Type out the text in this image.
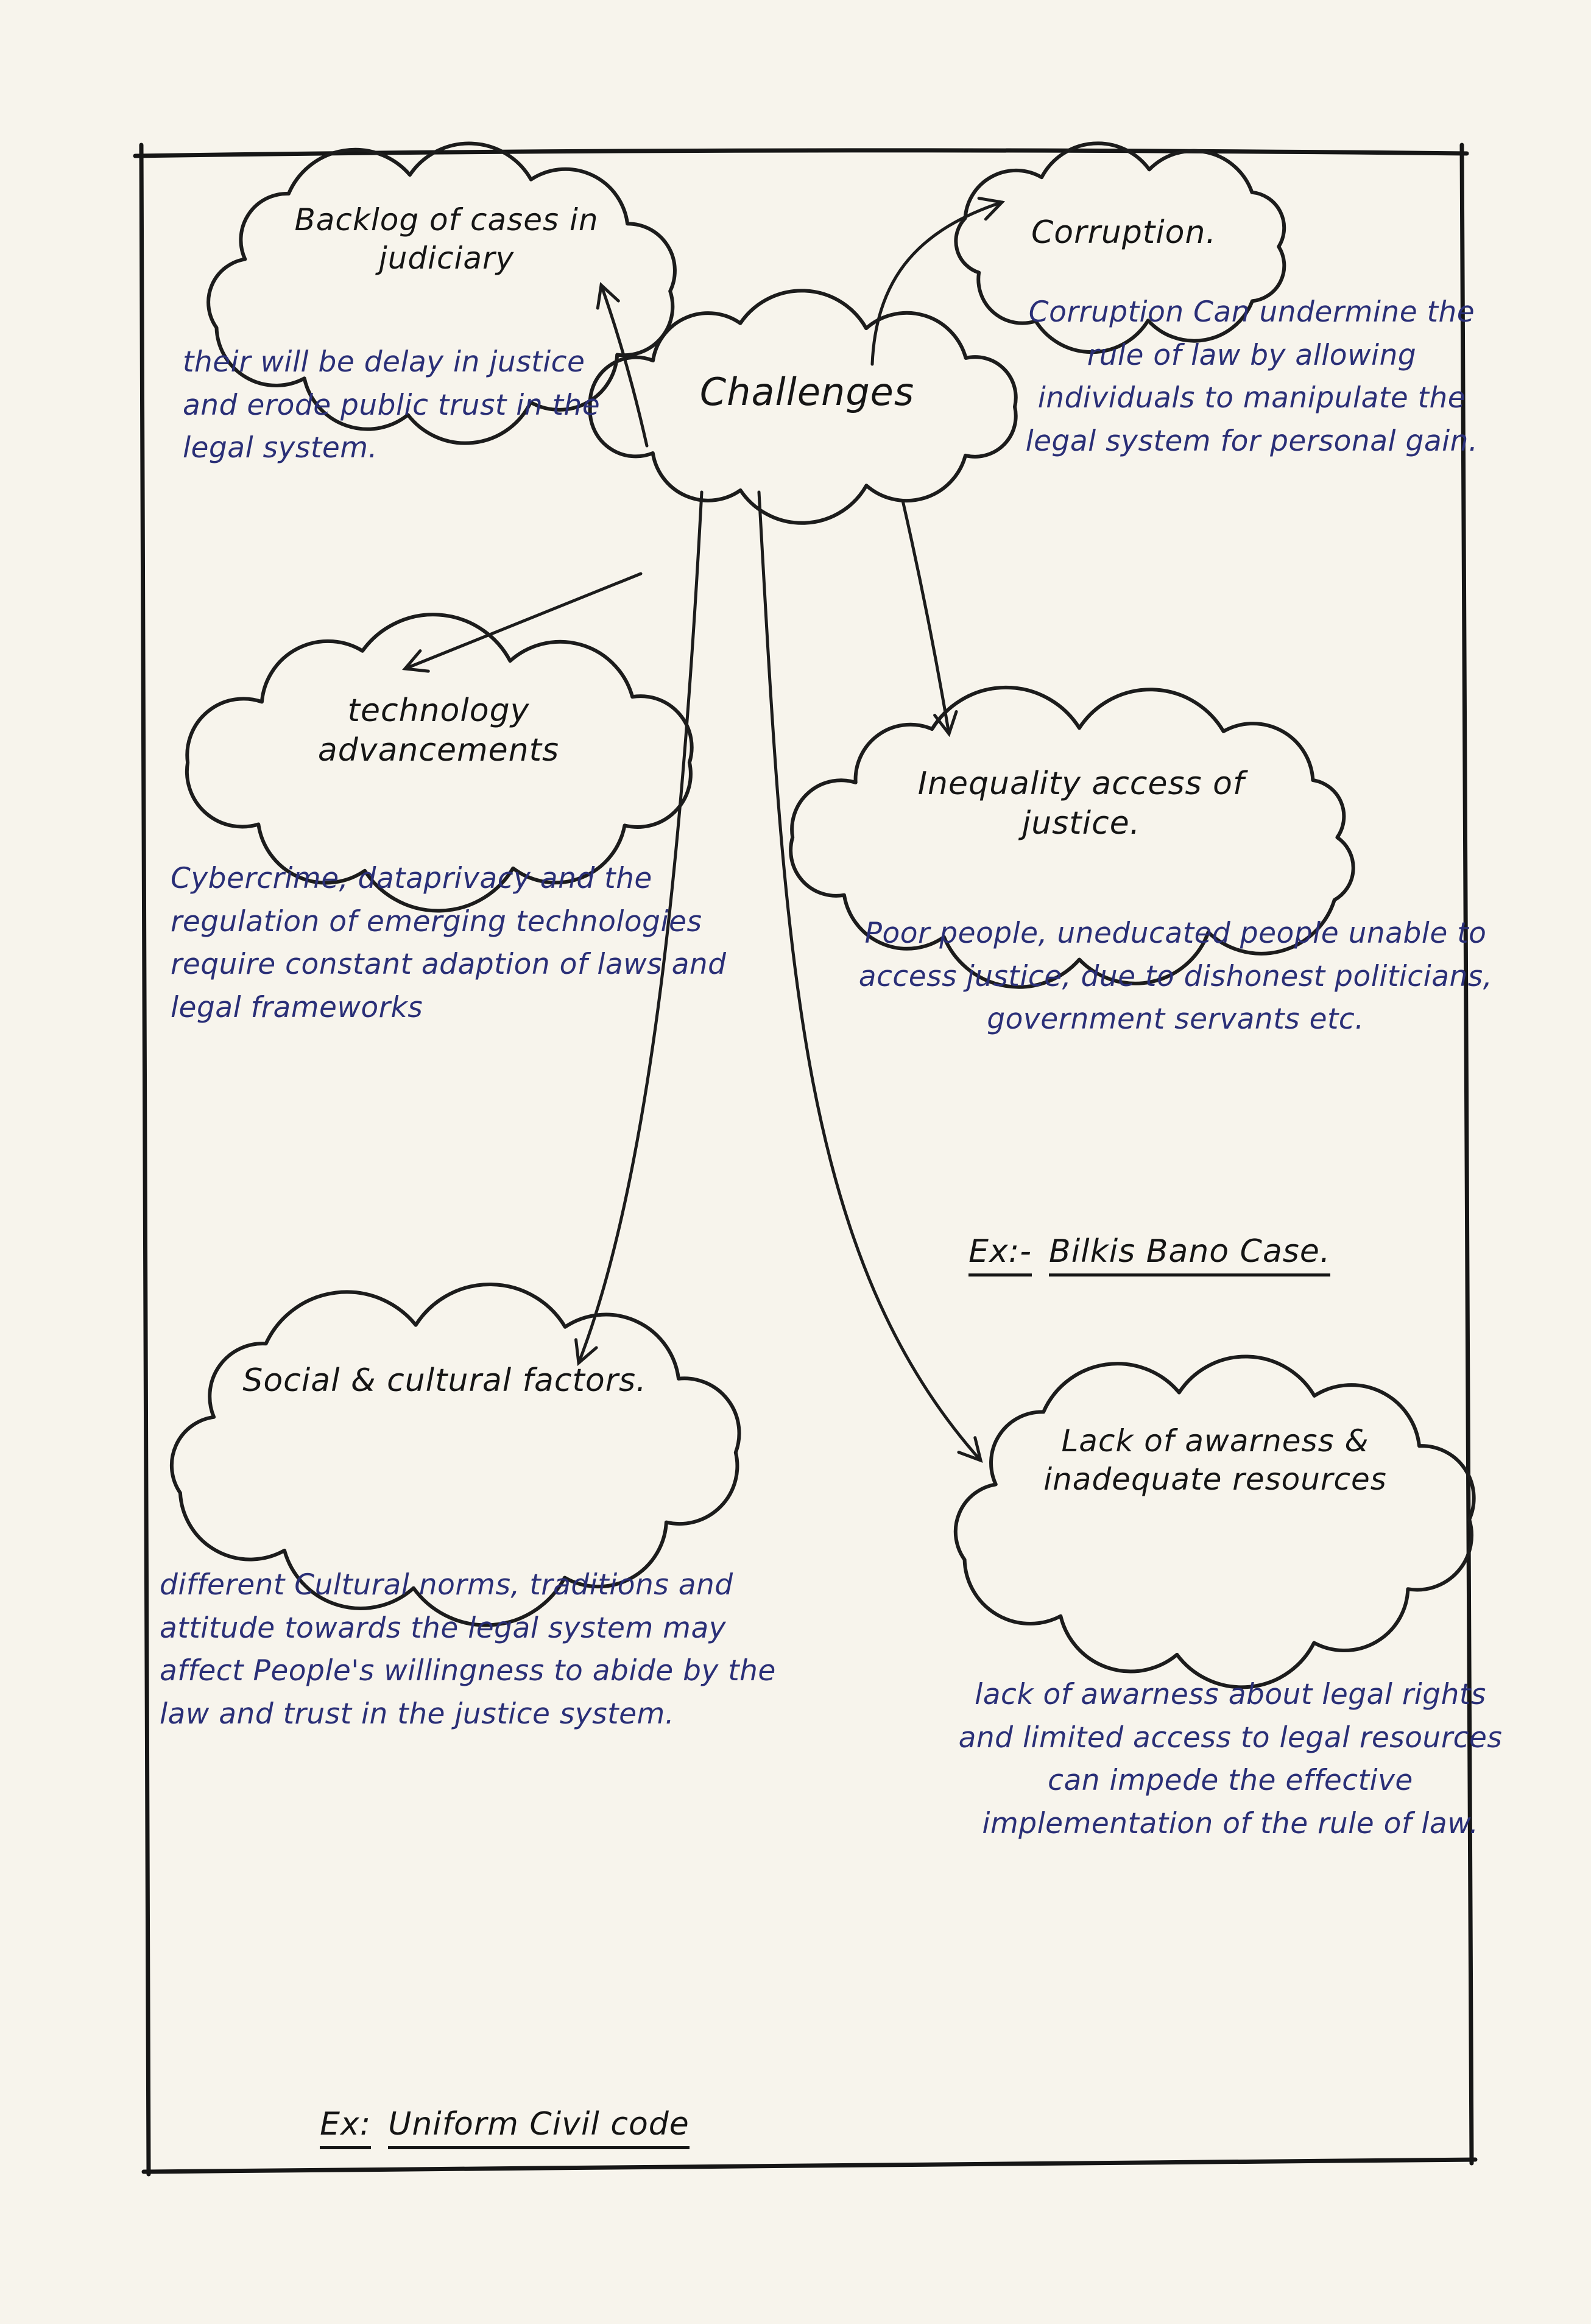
Backlog of cases in judiciary
Challenges
Corruption.
technology advancements
Inequality access of justice.
Social & cultural factors.
Lack of awarness & inadequate resources
their will be delay in justice and erode public trust in the legal system.
Corruption Can undermine the rule of law by allowing individuals to manipulate the legal system for personal gain.
Cybercrime, dataprivacy and the regulation of emerging technologies require constant adaption of laws and legal frameworks
Poor people, uneducated people unable to access justice, due to dishonest politicians, government servants etc.
different Cultural norms, traditions and attitude towards the legal system may affect People's willingness to abide by the law and trust in the justice system.
lack of awarness about legal rights and limited access to legal resources can impede the effective implementation of the rule of law.

Ex:- Bilkis Bano Case.

Ex: Uniform Civil code
